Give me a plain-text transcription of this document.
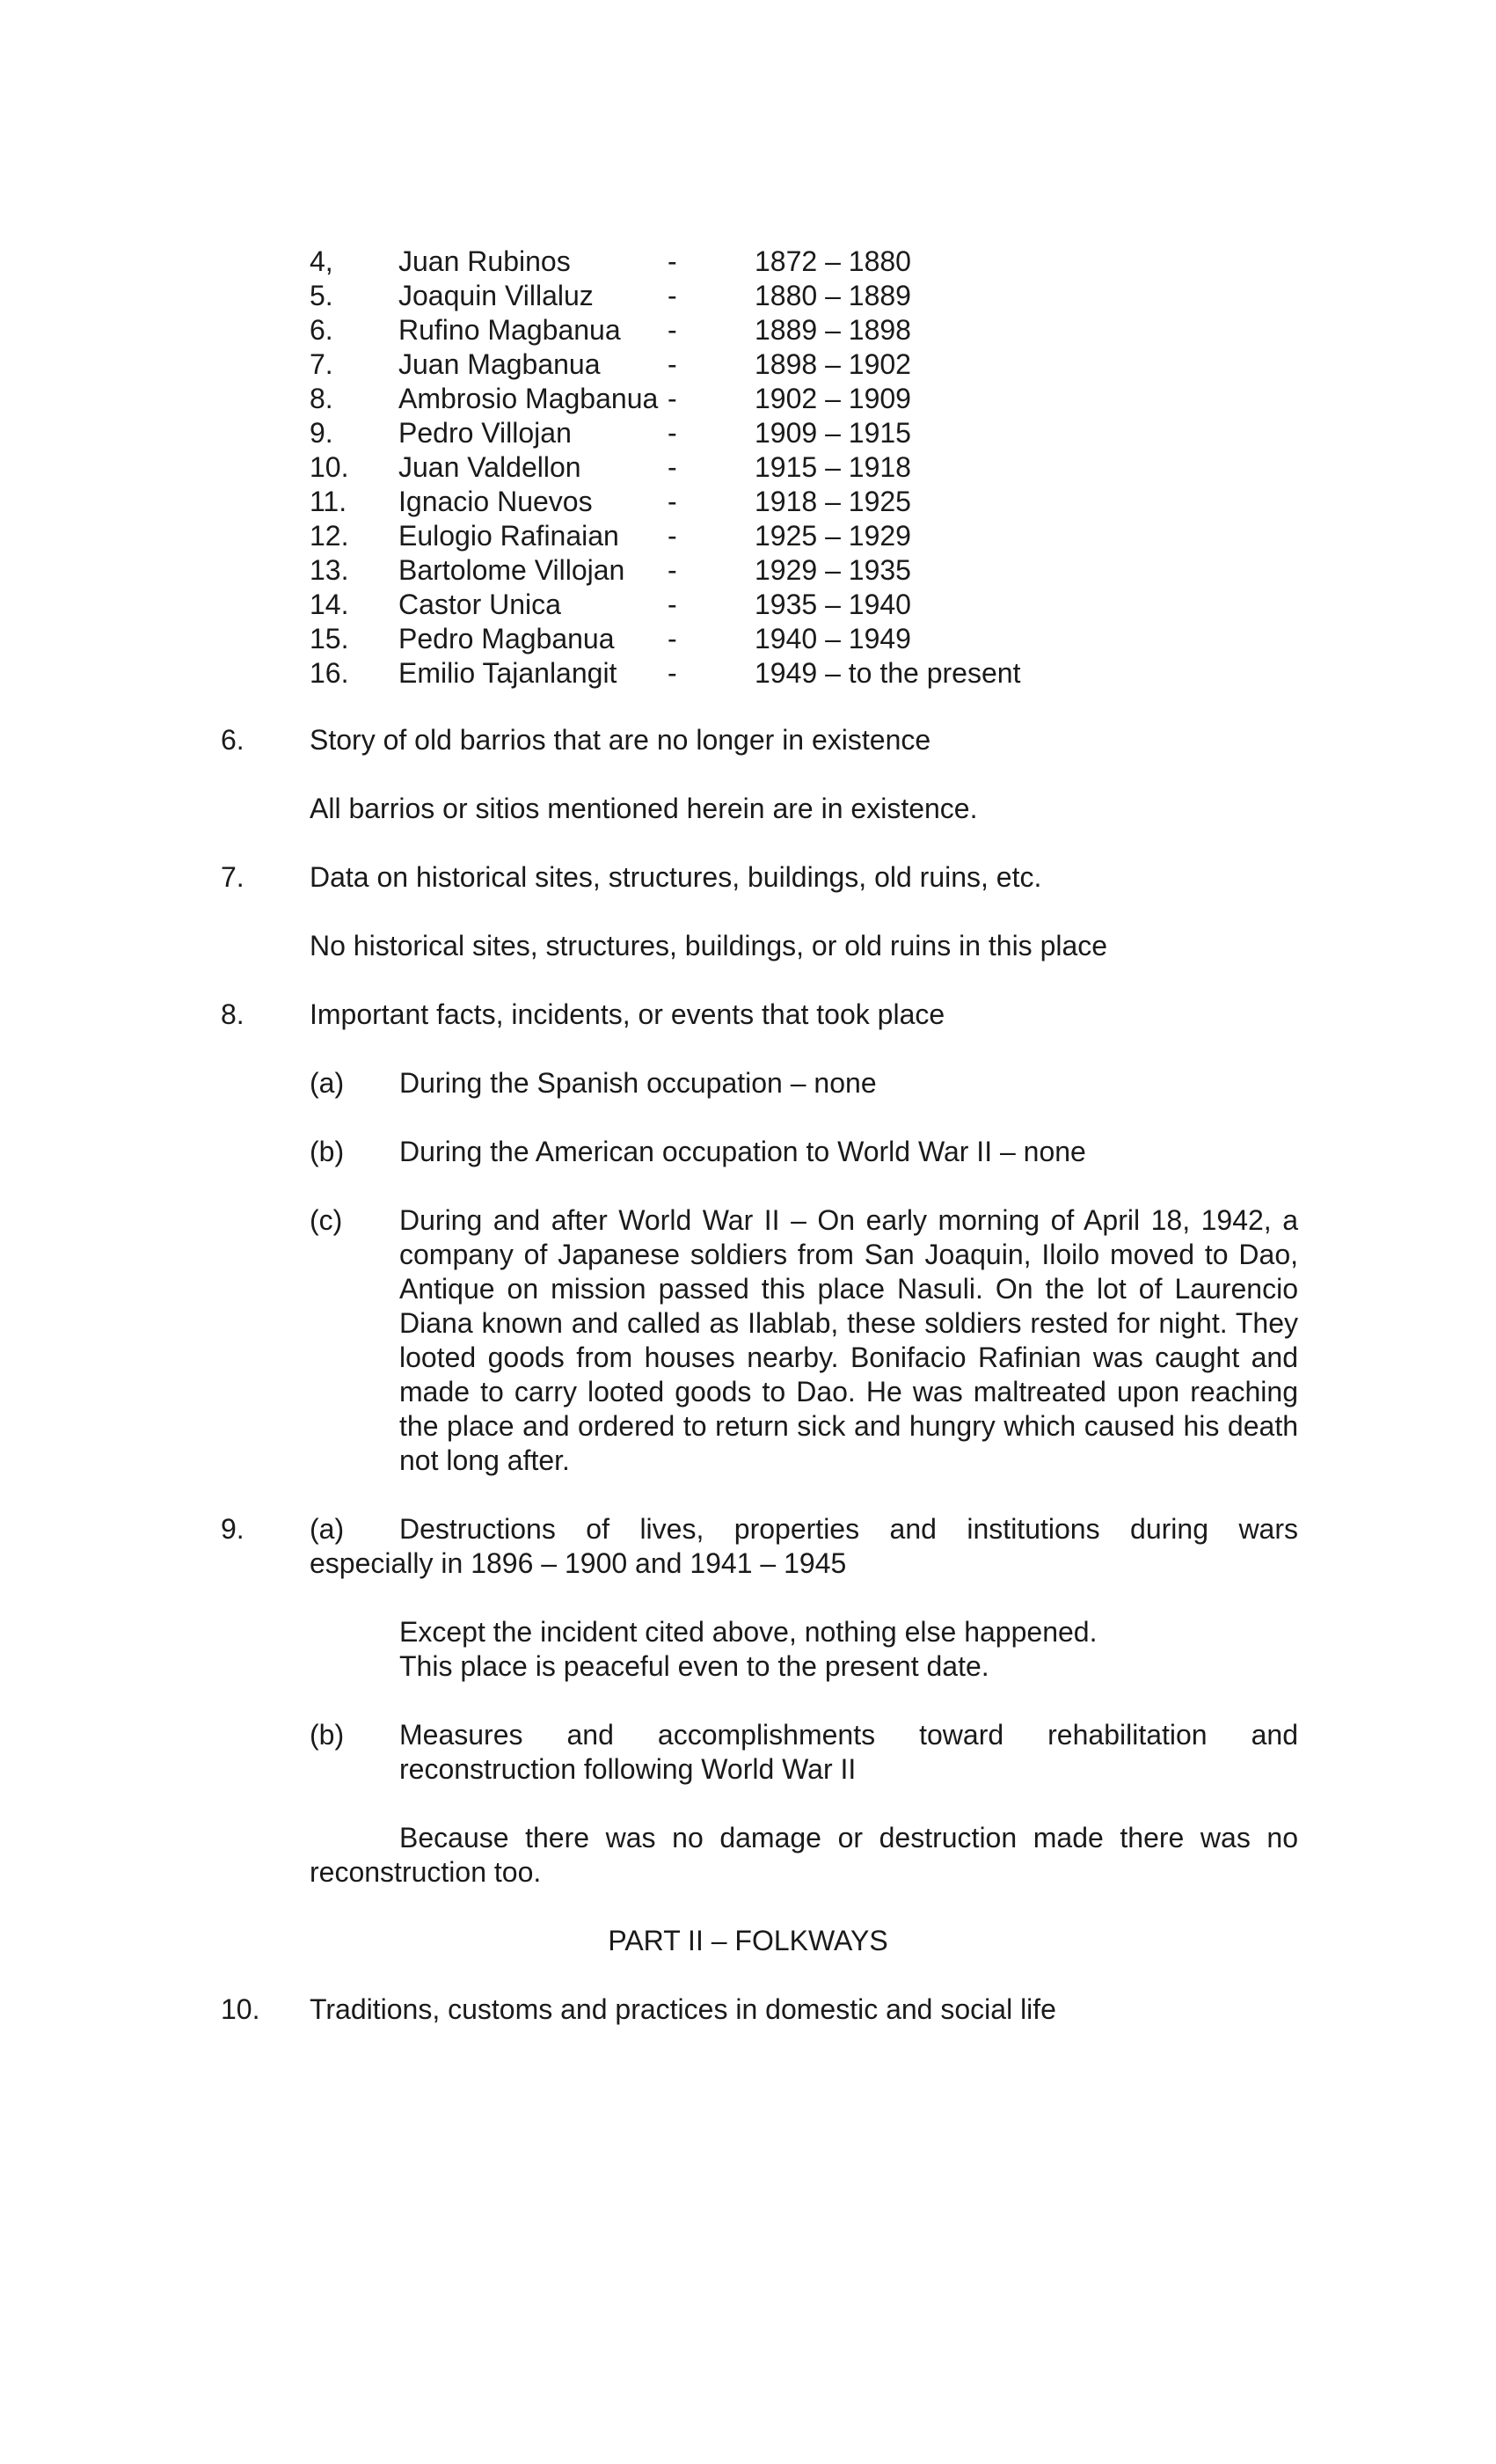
4, Juan Rubinos	-	1872 – 1880
5. Joaquin Villaluz	-	1880 – 1889
6. Rufino Magbanua -	1889 – 1898
7. Juan Magbanua -	1898 – 1902
8. Ambrosio Magbanua -	1902 – 1909
9. Pedro Villojan	-	1909 – 1915
10. Juan Valdellon	-	1915 – 1918
11. Ignacio Nuevos	-	1918 – 1925
12. Eulogio Rafinaian -	1925 – 1929
13. Bartolome Villojan -	1929 – 1935
14. Castor Unica	-	1935 – 1940
15. Pedro Magbanua -	1940 – 1949
16. Emilio Tajanlangit -	1949 – to the present
6. Story of old barrios that are no longer in existence
All barrios or sitios mentioned herein are in existence.
7. Data on historical sites, structures, buildings, old ruins, etc.
No historical sites, structures, buildings, or old ruins in this place
8. Important facts, incidents, or events that took place
(a) During the Spanish occupation – none
(b) During the American occupation to World War II – none
(c) During and after World War II – On early morning of April 18, 1942, a company of Japanese soldiers from San Joaquin, Iloilo moved to Dao, Antique on mission passed this place Nasuli. On the lot of Laurencio Diana known and called as Ilablab, these soldiers rested for night. They looted goods from houses nearby. Bonifacio Rafinian was caught and made to carry looted goods to Dao. He was maltreated upon reaching the place and ordered to return sick and hungry which caused his death not long after.
9. (a) Destructions of lives, properties and institutions during wars
especially in 1896 – 1900 and 1941 – 1945
Except the incident cited above, nothing else happened.
This place is peaceful even to the present date.
(b) Measures and accomplishments toward rehabilitation and reconstruction following World War II
Because there was no damage or destruction made there was no reconstruction too.
PART II – FOLKWAYS
10. Traditions, customs and practices in domestic and social life
